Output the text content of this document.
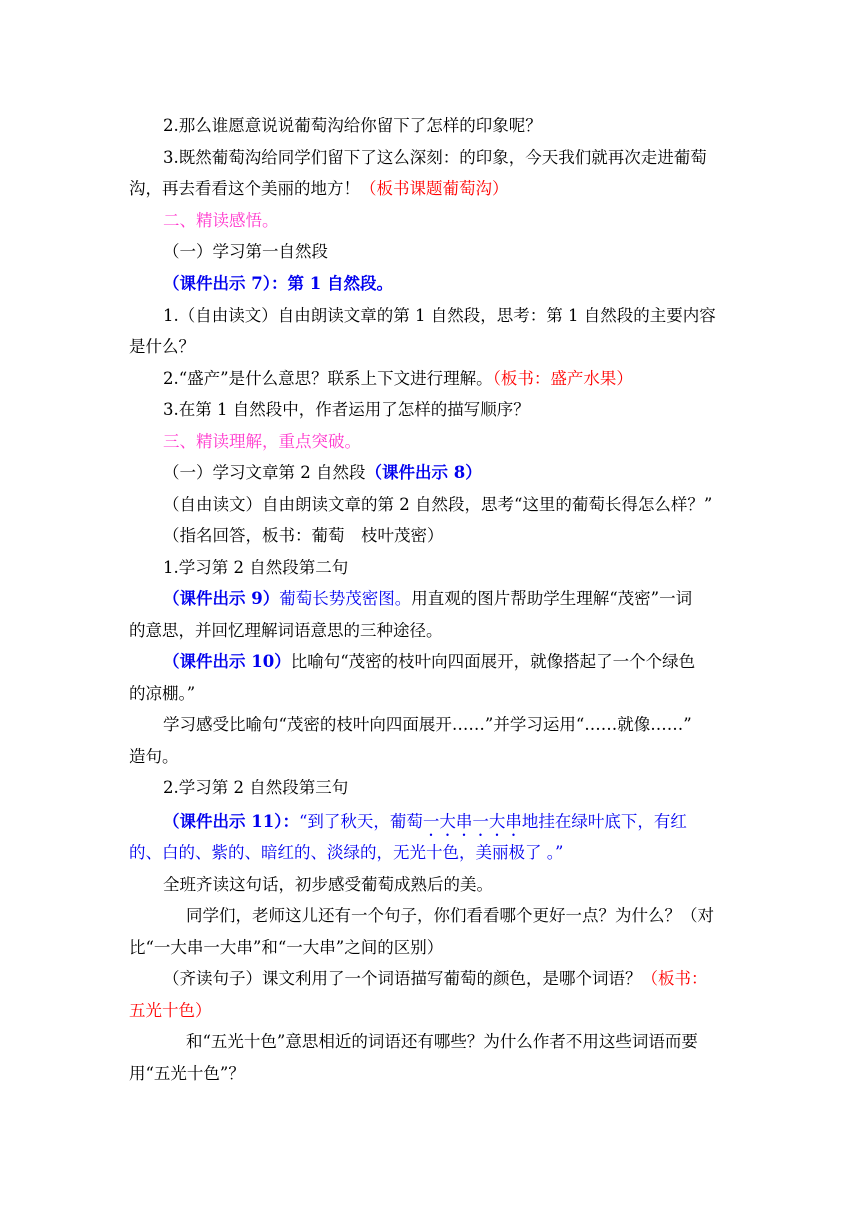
2.那么谁愿意说说葡萄沟给你留下了怎样的印象呢？
3.既然葡萄沟给同学们留下了这么深刻：的印象，今天我们就再次走进葡萄
沟，再去看看这个美丽的地方！（板书课题葡萄沟）
二、精读感悟。
（一）学习第一自然段
（课件出示 7）：第 1 自然段。
1.（自由读文）自由朗读文章的第 1 自然段，思考：第 1 自然段的主要内容
是什么？
2.“盛产”是什么意思？联系上下文进行理解。（板书：盛产水果）
3.在第 1 自然段中，作者运用了怎样的描写顺序？
三、精读理解，重点突破。
（一）学习文章第 2 自然段（课件出示 8）
（自由读文）自由朗读文章的第 2 自然段，思考“这里的葡萄长得怎么样？”
（指名回答，板书：葡萄　枝叶茂密）
1.学习第 2 自然段第二句
（课件出示 9）葡萄长势茂密图。用直观的图片帮助学生理解“茂密”一词
的意思，并回忆理解词语意思的三种途径。
（课件出示 10）比喻句“茂密的枝叶向四面展开，就像搭起了一个个绿色
的凉棚。”
学习感受比喻句“茂密的枝叶向四面展开……”并学习运用“……就像……”
造句。
2.学习第 2 自然段第三句
（课件出示 11）：“到了秋天，葡萄一大串一大串地挂在绿叶底下，有红
的、白的、紫的、暗红的、淡绿的，无光十色，美丽极了 。”
全班齐读这句话，初步感受葡萄成熟后的美。
同学们，老师这儿还有一个句子，你们看看哪个更好一点？为什么？（对
比“一大串一大串”和“一大串”之间的区别）
（齐读句子）课文利用了一个词语描写葡萄的颜色，是哪个词语？（板书：
五光十色）
和“五光十色”意思相近的词语还有哪些？为什么作者不用这些词语而要
用“五光十色”？
